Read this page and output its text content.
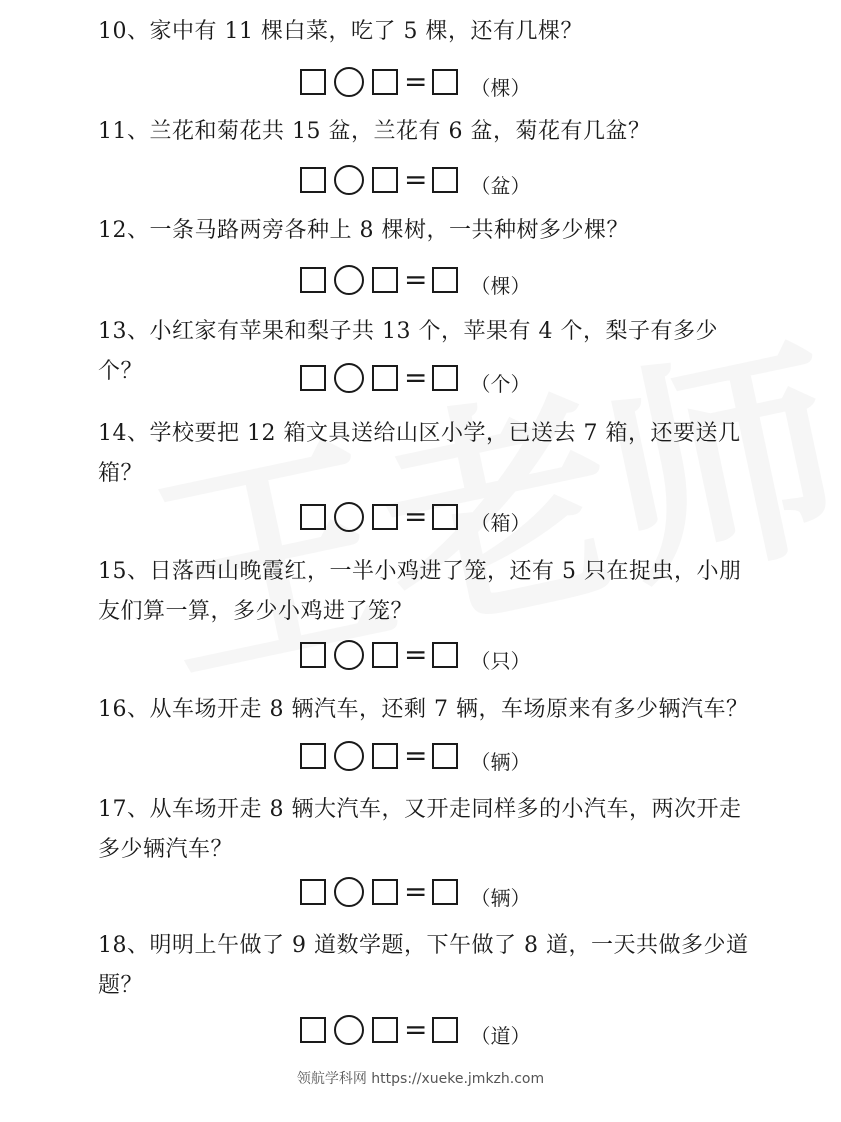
10、家中有 11 棵白菜，吃了 5 棵，还有几棵？
= （棵）
11、兰花和菊花共 15 盆，兰花有 6 盆，菊花有几盆？
= （盆）
12、一条马路两旁各种上 8 棵树，一共种树多少棵？
= （棵）
13、小红家有苹果和梨子共 13 个，苹果有 4 个，梨子有多少个？	= （个）
14、学校要把 12 箱文具送给山区小学，已送去 7 箱，还要送几箱？
= （箱）
15、日落西山晚霞红，一半小鸡进了笼，还有 5 只在捉虫，小朋友们算一算，多少小鸡进了笼？
= （只）
16、从车场开走 8 辆汽车，还剩 7 辆，车场原来有多少辆汽车？
= （辆）
17、从车场开走 8 辆大汽车，又开走同样多的小汽车，两次开走多少辆汽车？
= （辆）
18、明明上午做了 9 道数学题，下午做了 8 道，一天共做多少道题？
= （道）
领航学科网 https://xueke.jmkzh.com
